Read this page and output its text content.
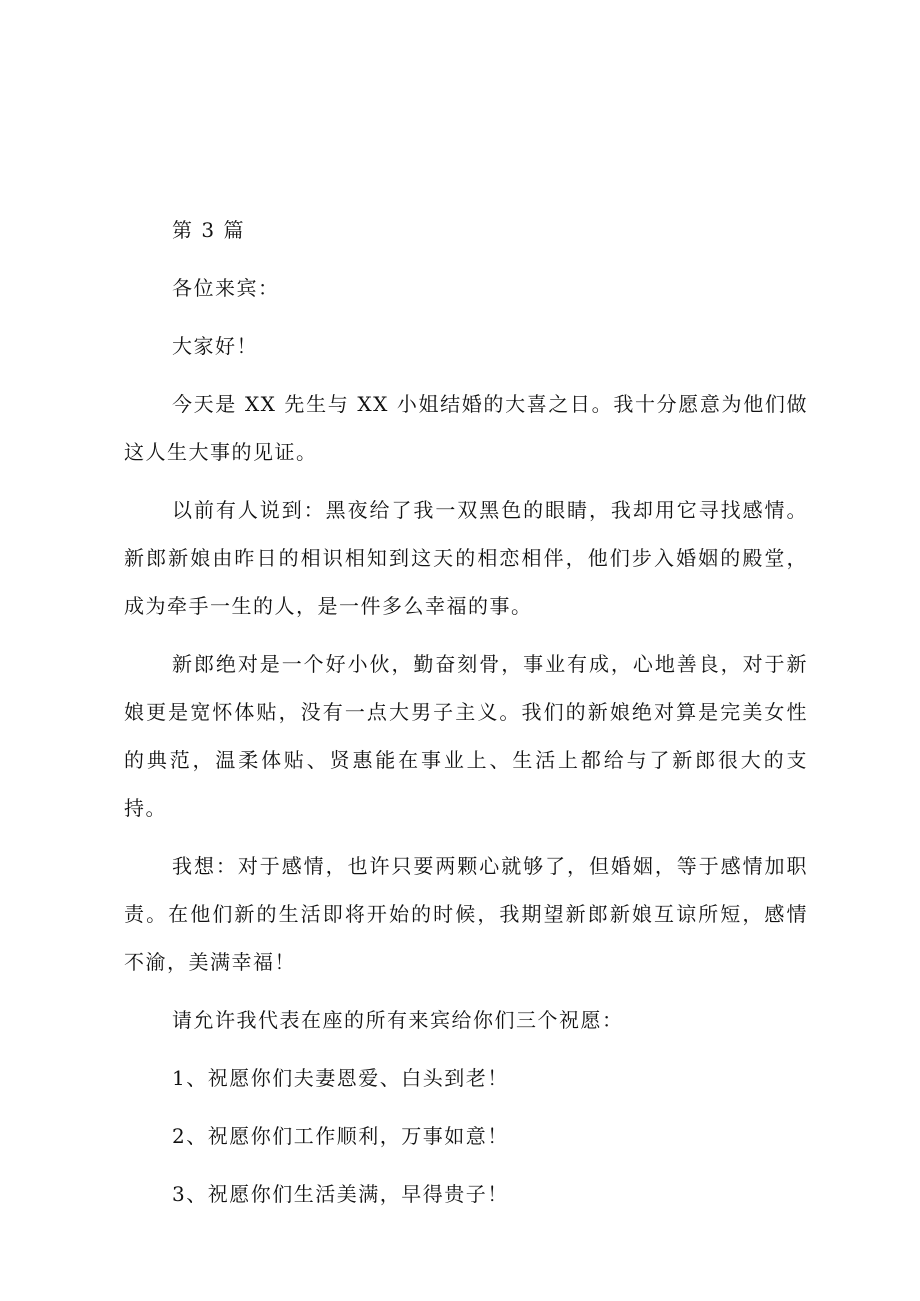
第 3 篇

各位来宾：

大家好！

今天是 XX 先生与 XX 小姐结婚的大喜之日。我十分愿意为他们做这人生大事的见证。

以前有人说到：黑夜给了我一双黑色的眼睛，我却用它寻找感情。新郎新娘由昨日的相识相知到这天的相恋相伴，他们步入婚姻的殿堂，成为牵手一生的人，是一件多么幸福的事。

新郎绝对是一个好小伙，勤奋刻骨，事业有成，心地善良，对于新娘更是宽怀体贴，没有一点大男子主义。我们的新娘绝对算是完美女性的典范，温柔体贴、贤惠能在事业上、生活上都给与了新郎很大的支持。

我想：对于感情，也许只要两颗心就够了，但婚姻，等于感情加职责。在他们新的生活即将开始的时候，我期望新郎新娘互谅所短，感情不渝，美满幸福！

请允许我代表在座的所有来宾给你们三个祝愿：

1、祝愿你们夫妻恩爱、白头到老！

2、祝愿你们工作顺利，万事如意！

3、祝愿你们生活美满，早得贵子！
